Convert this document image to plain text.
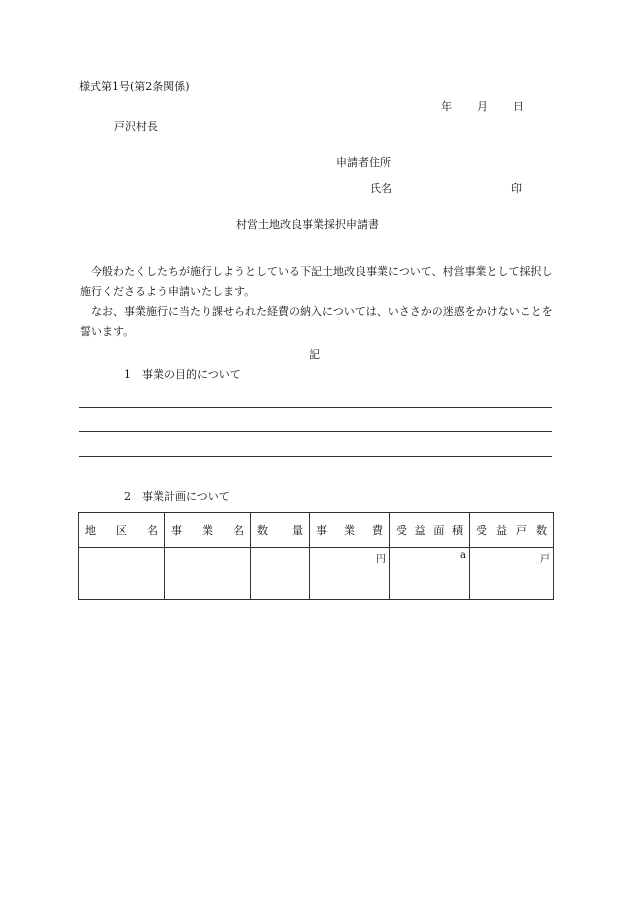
様式第1号(第2条関係)
年 月 日
戸沢村長
申請者住所
氏名	印
村営土地改良事業採択申請書

今般わたくしたちが施行しようとしている下記土地改良事業について、村営事業として採択し施行くださるよう申請いたします。

なお、事業施行に当たり課せられた経費の納入については、いささかの迷惑をかけないことを誓います。

記
1　事業の目的について
2　事業計画について
地区名	事業名	数量	事業費	受益面積	受益戸数
			円	a	戸
